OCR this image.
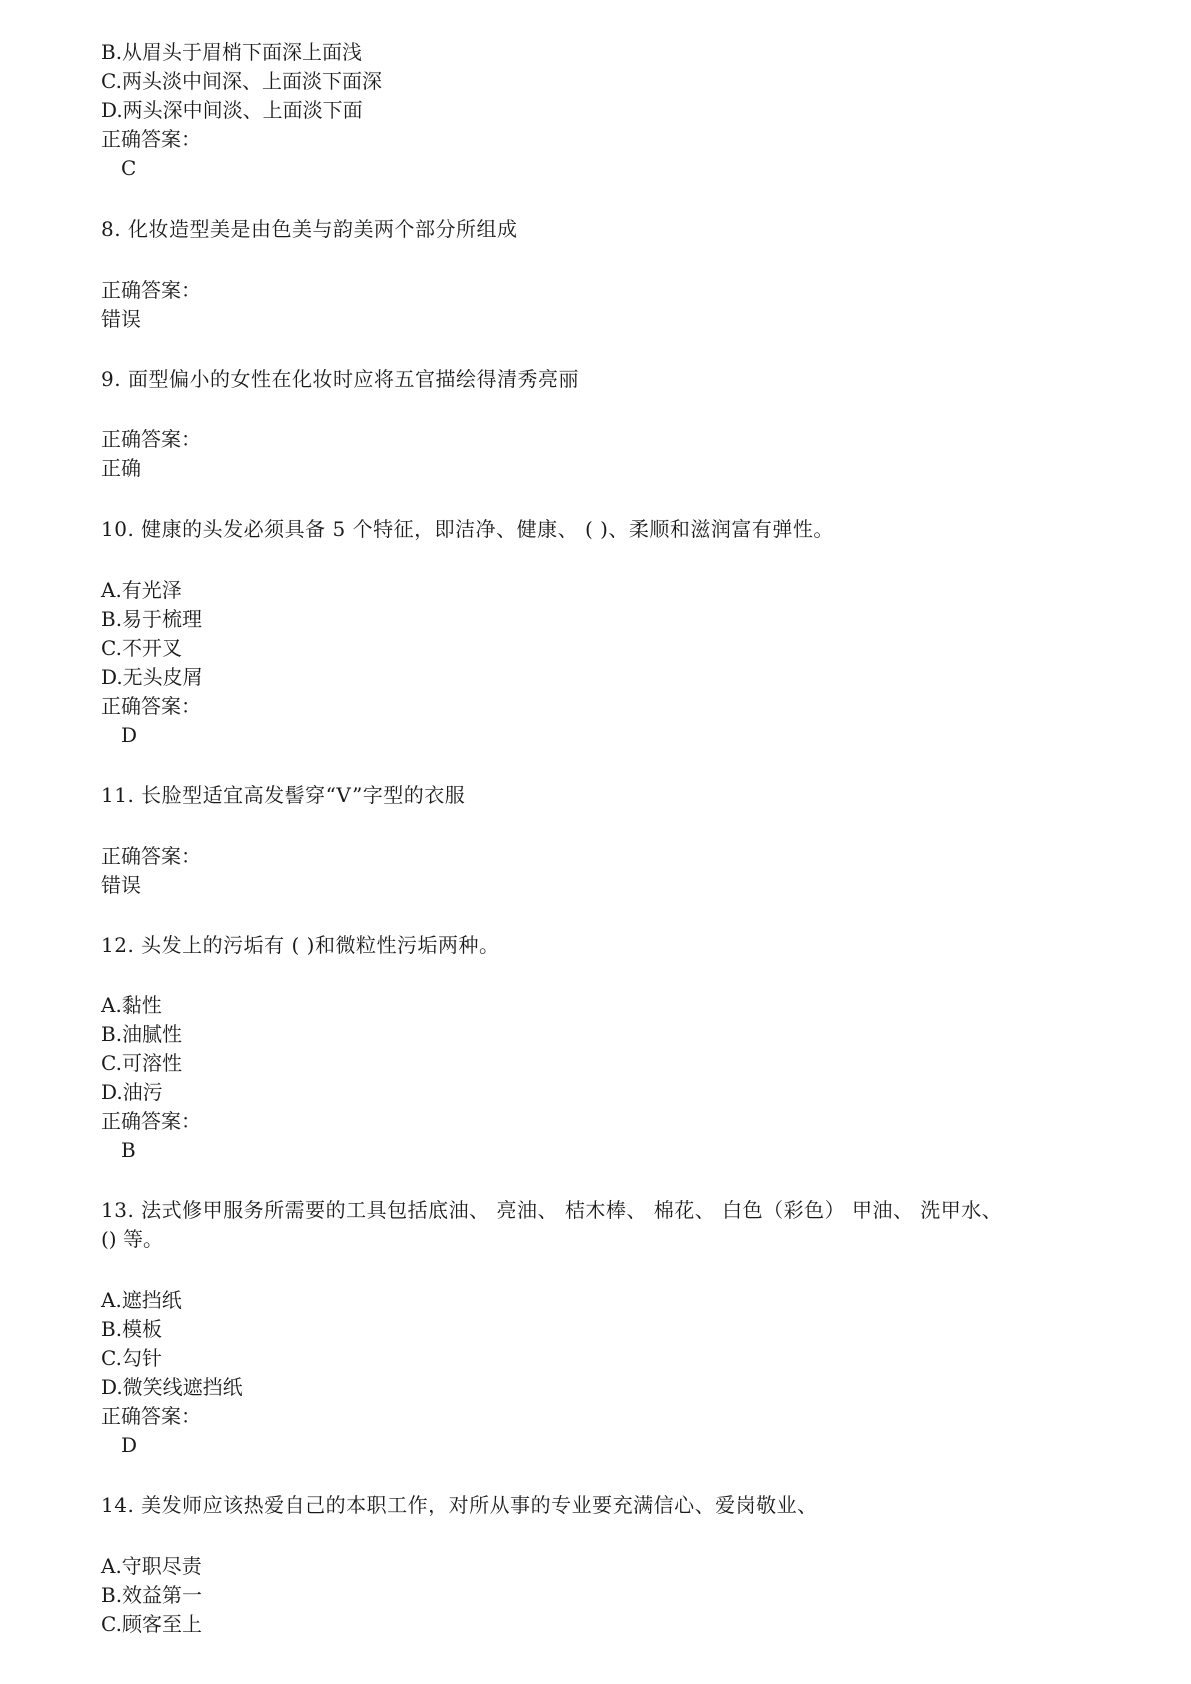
B.从眉头于眉梢下面深上面浅
C.两头淡中间深、上面淡下面深
D.两头深中间淡、上面淡下面
正确答案：
C
8. 化妆造型美是由色美与韵美两个部分所组成
正确答案：
错误
9. 面型偏小的女性在化妆时应将五官描绘得清秀亮丽
正确答案：
正确
10. 健康的头发必须具备 5 个特征，即洁净、健康、 ( )、柔顺和滋润富有弹性。
A.有光泽
B.易于梳理
C.不开叉
D.无头皮屑
正确答案：
D
11. 长脸型适宜高发髻穿“V”字型的衣服
正确答案：
错误
12. 头发上的污垢有 ( )和微粒性污垢两种。
A.黏性
B.油腻性
C.可溶性
D.油污
正确答案：
B
13. 法式修甲服务所需要的工具包括底油、 亮油、 桔木棒、 棉花、 白色（彩色） 甲油、 洗甲水、
() 等。
A.遮挡纸
B.模板
C.勾针
D.微笑线遮挡纸
正确答案：
D
14. 美发师应该热爱自己的本职工作，对所从事的专业要充满信心、爱岗敬业、
A.守职尽责
B.效益第一
C.顾客至上
